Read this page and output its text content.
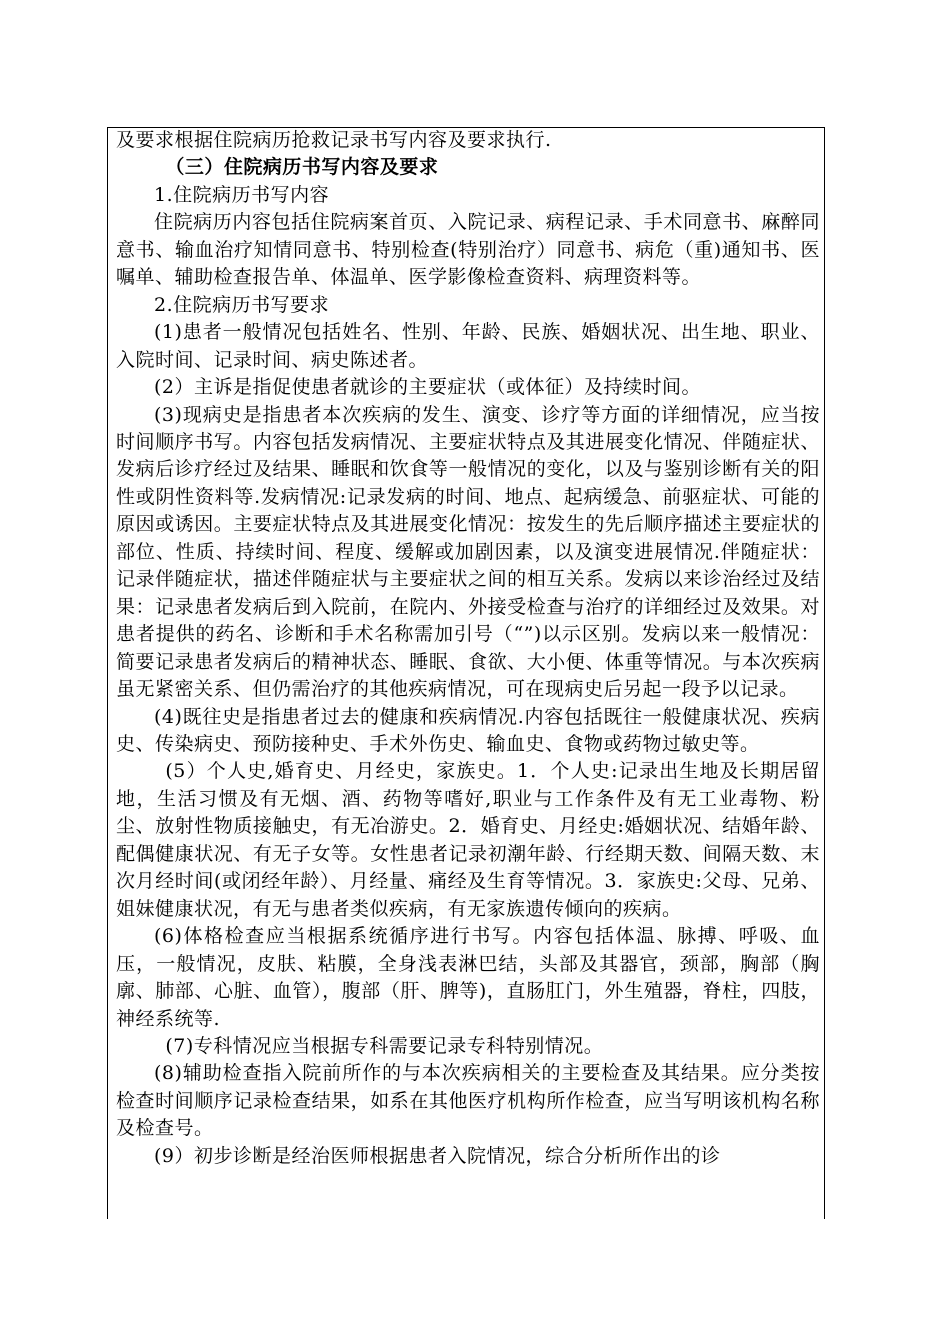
及要求根据住院病历抢救记录书写内容及要求执行.

（三）住院病历书写内容及要求

1.住院病历书写内容

住院病历内容包括住院病案首页、入院记录、病程记录、手术同意书、麻醉同意书、输血治疗知情同意书、特别检查(特别治疗）同意书、病危（重)通知书、医嘱单、辅助检查报告单、体温单、医学影像检查资料、病理资料等。

2.住院病历书写要求

(1)患者一般情况包括姓名、性别、年龄、民族、婚姻状况、出生地、职业、入院时间、记录时间、病史陈述者。

(2）主诉是指促使患者就诊的主要症状（或体征）及持续时间。

(3)现病史是指患者本次疾病的发生、演变、诊疗等方面的详细情况，应当按时间顺序书写。内容包括发病情况、主要症状特点及其进展变化情况、伴随症状、发病后诊疗经过及结果、睡眠和饮食等一般情况的变化，以及与鉴别诊断有关的阳性或阴性资料等.发病情况:记录发病的时间、地点、起病缓急、前驱症状、可能的原因或诱因。主要症状特点及其进展变化情况：按发生的先后顺序描述主要症状的部位、性质、持续时间、程度、缓解或加剧因素，以及演变进展情况.伴随症状：记录伴随症状，描述伴随症状与主要症状之间的相互关系。发病以来诊治经过及结果：记录患者发病后到入院前，在院内、外接受检查与治疗的详细经过及效果。对患者提供的药名、诊断和手术名称需加引号（“”)以示区别。发病以来一般情况：简要记录患者发病后的精神状态、睡眠、食欲、大小便、体重等情况。与本次疾病虽无紧密关系、但仍需治疗的其他疾病情况，可在现病史后另起一段予以记录。

(4)既往史是指患者过去的健康和疾病情况.内容包括既往一般健康状况、疾病史、传染病史、预防接种史、手术外伤史、输血史、食物或药物过敏史等。

(5）个人史,婚育史、月经史，家族史。1．个人史:记录出生地及长期居留地，生活习惯及有无烟、酒、药物等嗜好,职业与工作条件及有无工业毒物、粉尘、放射性物质接触史，有无冶游史。2．婚育史、月经史:婚姻状况、结婚年龄、配偶健康状况、有无子女等。女性患者记录初潮年龄、行经期天数、间隔天数、末次月经时间(或闭经年龄）、月经量、痛经及生育等情况。3．家族史:父母、兄弟、姐妹健康状况，有无与患者类似疾病，有无家族遗传倾向的疾病。

(6)体格检查应当根据系统循序进行书写。内容包括体温、脉搏、呼吸、血压，一般情况，皮肤、粘膜，全身浅表淋巴结，头部及其器官，颈部，胸部（胸廓、肺部、心脏、血管），腹部（肝、脾等)，直肠肛门，外生殖器，脊柱，四肢，神经系统等.

(7)专科情况应当根据专科需要记录专科特别情况。

(8)辅助检查指入院前所作的与本次疾病相关的主要检查及其结果。应分类按检查时间顺序记录检查结果，如系在其他医疗机构所作检查，应当写明该机构名称及检查号。

(9）初步诊断是经治医师根据患者入院情况，综合分析所作出的诊
